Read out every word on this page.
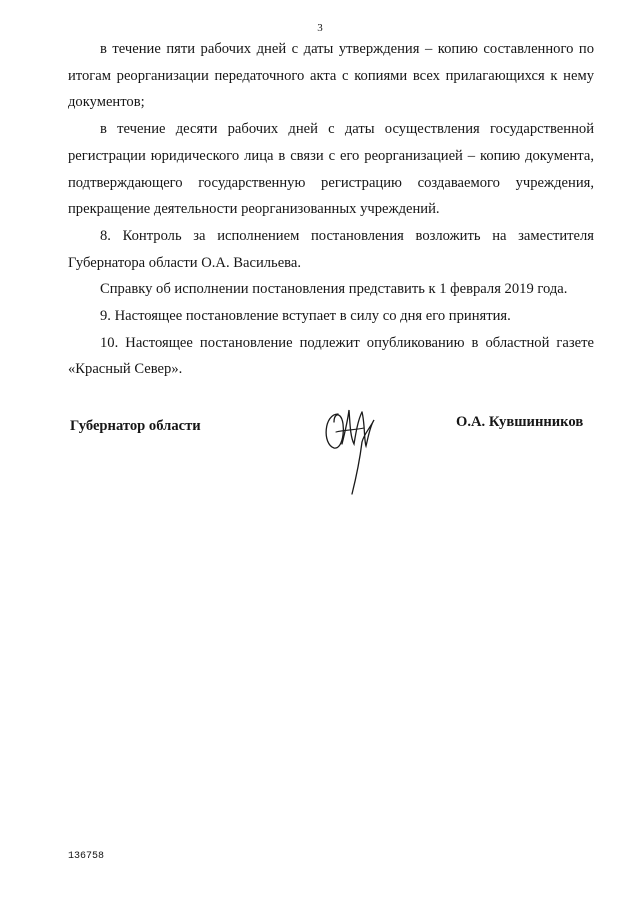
3

в течение пяти рабочих дней с даты утверждения – копию составленного по итогам реорганизации передаточного акта с копиями всех прилагающихся к нему документов;

в течение десяти рабочих дней с даты осуществления государственной регистрации юридического лица в связи с его реорганизацией – копию документа, подтверждающего государственную регистрацию создаваемого учреждения, прекращение деятельности реорганизованных учреждений.

8. Контроль за исполнением постановления возложить на заместителя Губернатора области О.А. Васильева.

Справку об исполнении постановления представить к 1 февраля 2019 года.

9. Настоящее постановление вступает в силу со дня его принятия.

10. Настоящее постановление подлежит опубликованию в областной газете «Красный Север».

Губернатор области	О.А. Кувшинников
136758
